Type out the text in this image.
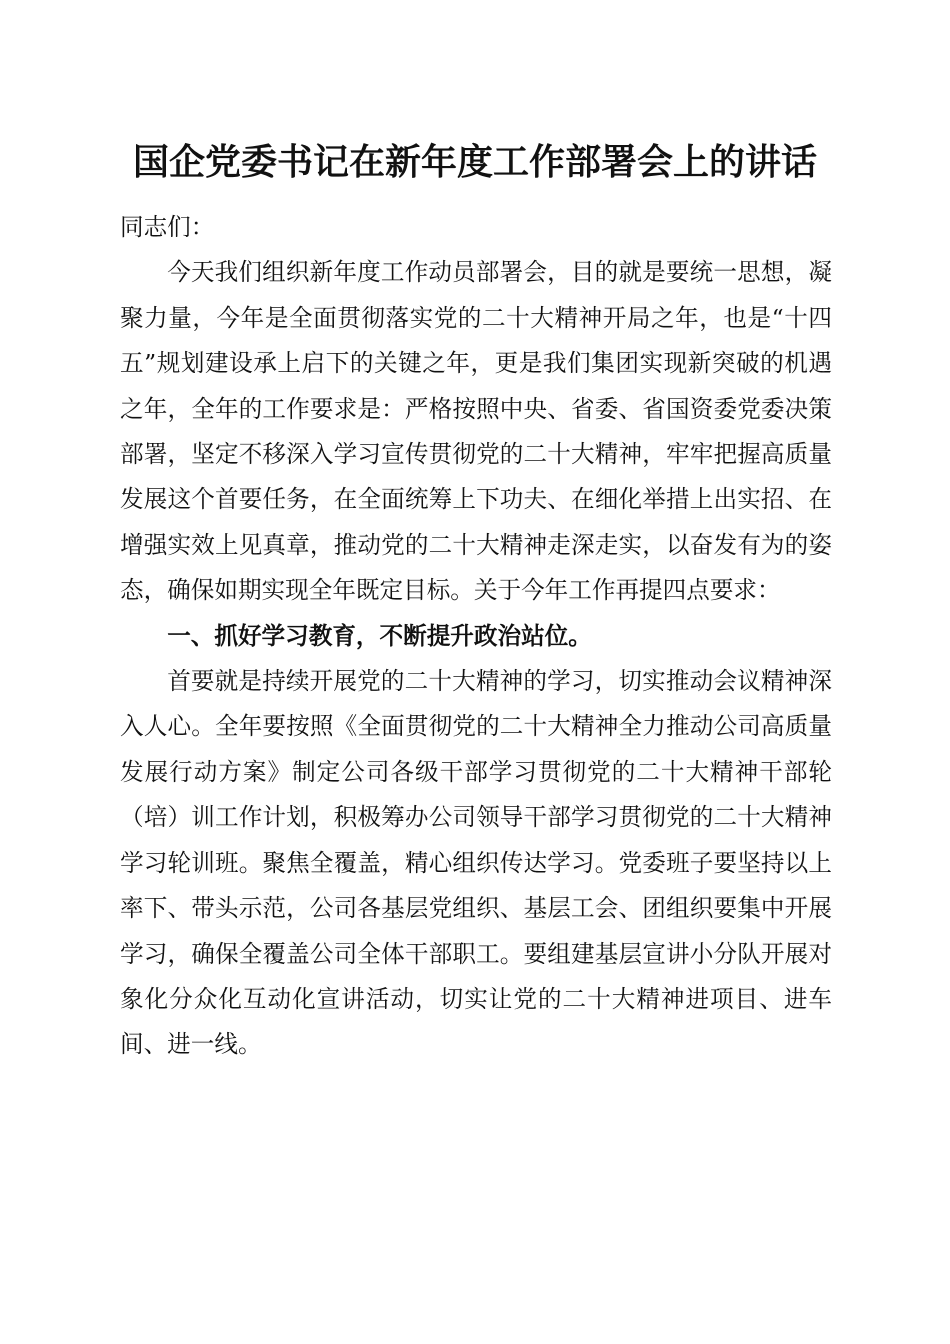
国企党委书记在新年度工作部署会上的讲话

同志们：

今天我们组织新年度工作动员部署会，目的就是要统一思想，凝聚力量，今年是全面贯彻落实党的二十大精神开局之年，也是“十四五”规划建设承上启下的关键之年，更是我们集团实现新突破的机遇之年，全年的工作要求是：严格按照中央、省委、省国资委党委决策部署，坚定不移深入学习宣传贯彻党的二十大精神，牢牢把握高质量发展这个首要任务，在全面统筹上下功夫、在细化举措上出实招、在增强实效上见真章，推动党的二十大精神走深走实，以奋发有为的姿态，确保如期实现全年既定目标。关于今年工作再提四点要求：

一、抓好学习教育，不断提升政治站位。

首要就是持续开展党的二十大精神的学习，切实推动会议精神深入人心。全年要按照《全面贯彻党的二十大精神全力推动公司高质量发展行动方案》制定公司各级干部学习贯彻党的二十大精神干部轮（培）训工作计划，积极筹办公司领导干部学习贯彻党的二十大精神学习轮训班。聚焦全覆盖，精心组织传达学习。党委班子要坚持以上率下、带头示范，公司各基层党组织、基层工会、团组织要集中开展学习，确保全覆盖公司全体干部职工。要组建基层宣讲小分队开展对象化分众化互动化宣讲活动，切实让党的二十大精神进项目、进车间、进一线。
